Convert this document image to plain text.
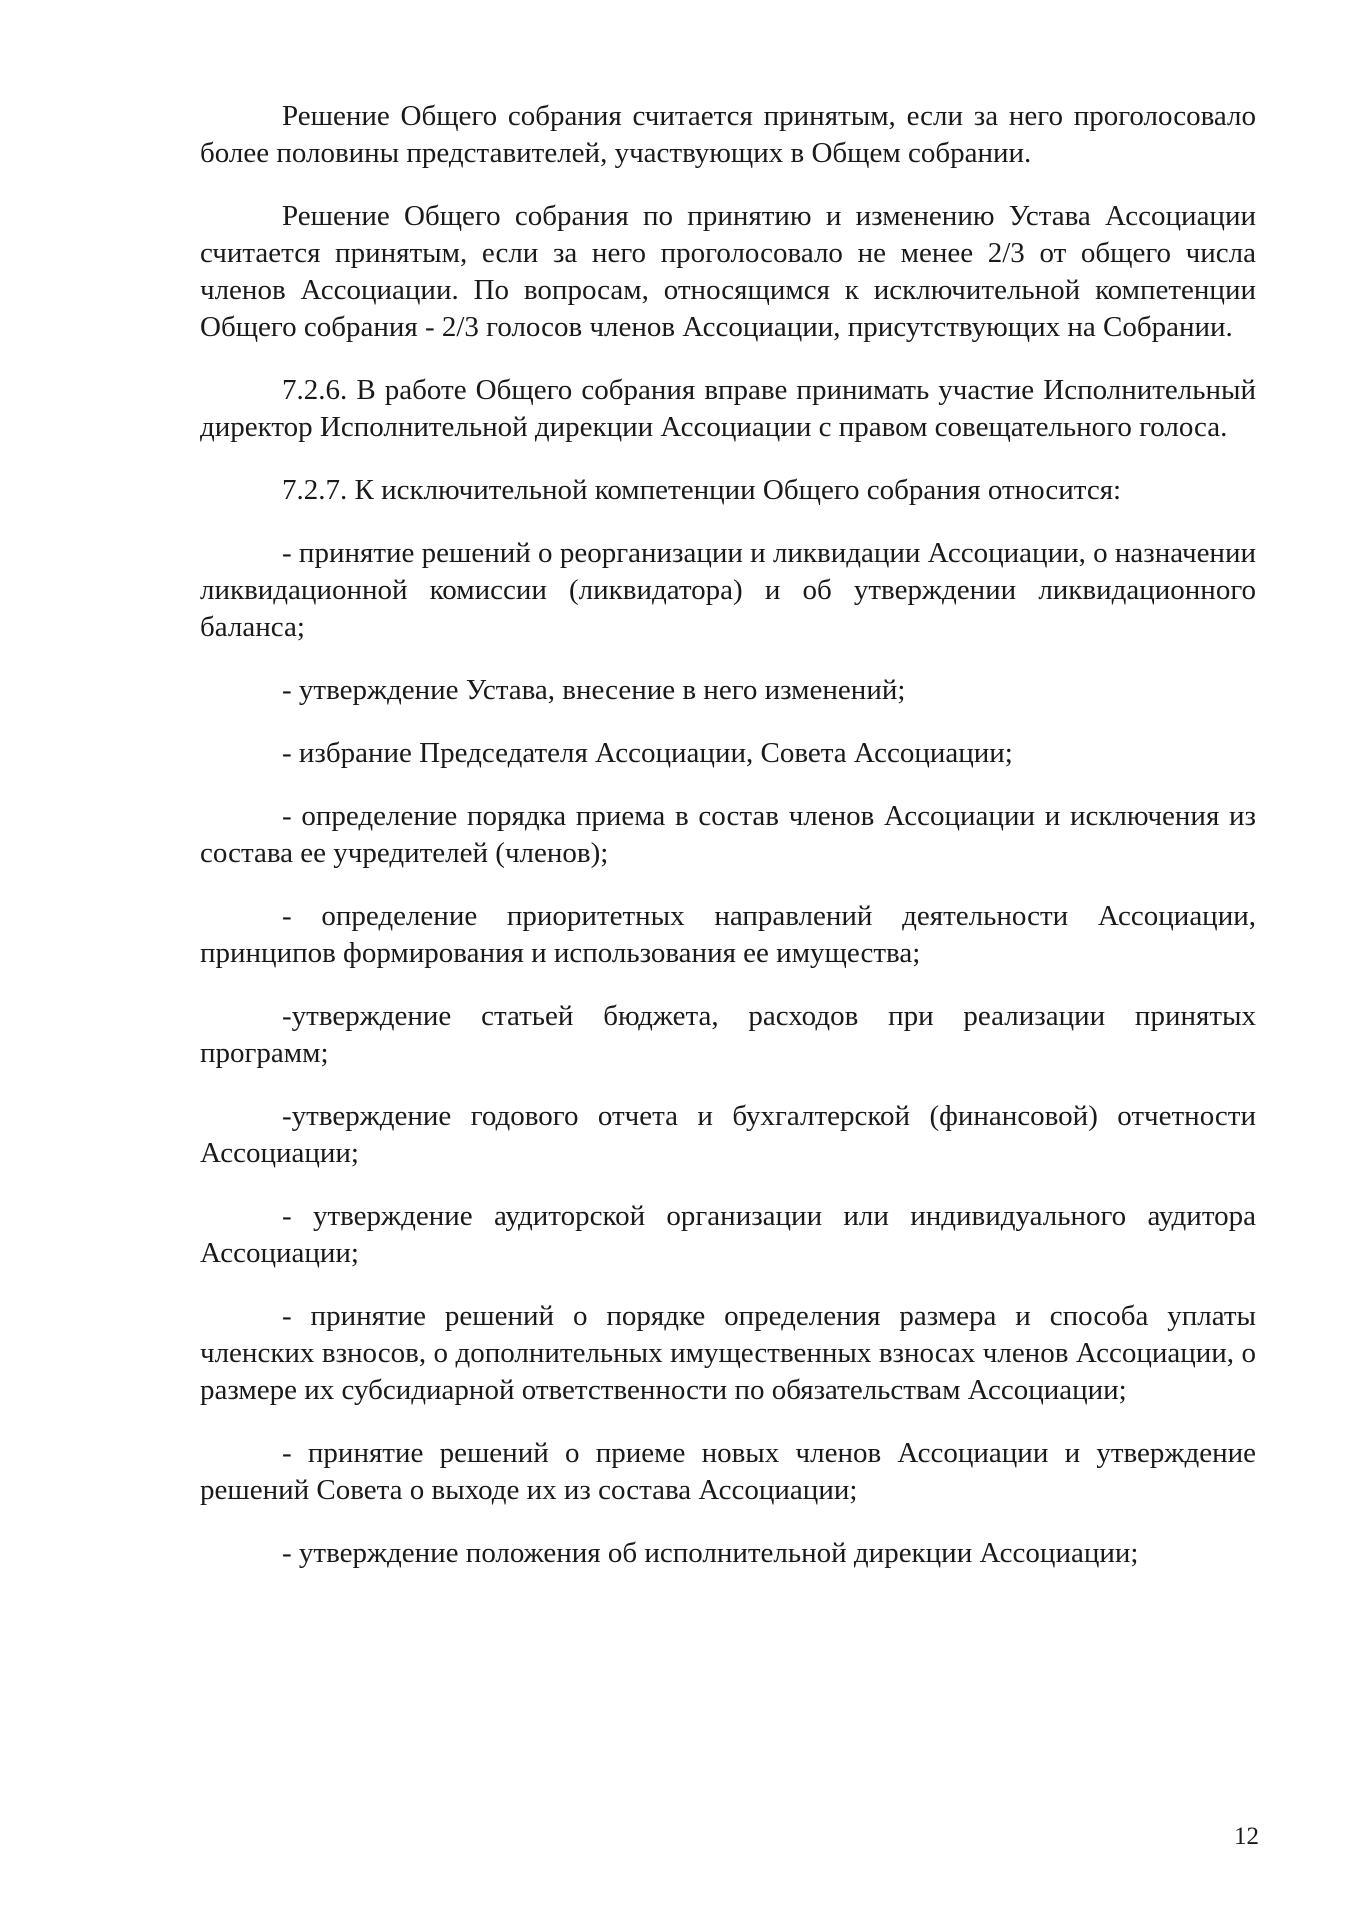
Решение Общего собрания считается принятым, если за него проголосовало более половины представителей, участвующих в Общем собрании.

Решение Общего собрания по принятию и изменению Устава Ассоциации считается принятым, если за него проголосовало не менее 2/3 от общего числа членов Ассоциации. По вопросам, относящимся к исключительной компетенции Общего собрания - 2/3 голосов членов Ассоциации, присутствующих на Собрании.

7.2.6. В работе Общего собрания вправе принимать участие Исполнительный директор Исполнительной дирекции Ассоциации с правом совещательного голоса.

7.2.7. К исключительной компетенции Общего собрания относится:

- принятие решений о реорганизации и ликвидации Ассоциации, о назначении ликвидационной комиссии (ликвидатора) и об утверждении ликвидационного баланса;

- утверждение Устава, внесение в него изменений;

- избрание Председателя Ассоциации, Совета Ассоциации;

- определение порядка приема в состав членов Ассоциации и исключения из состава ее учредителей (членов);

- определение приоритетных направлений деятельности Ассоциации, принципов формирования и использования ее имущества;

-утверждение статьей бюджета, расходов при реализации принятых программ;

-утверждение годового отчета и бухгалтерской (финансовой) отчетности Ассоциации;

- утверждение аудиторской организации или индивидуального аудитора Ассоциации;

- принятие решений о порядке определения размера и способа уплаты членских взносов, о дополнительных имущественных взносах членов Ассоциации, о размере их субсидиарной ответственности по обязательствам Ассоциации;

- принятие решений о приеме новых членов Ассоциации и утверждение решений Совета о выходе их из состава Ассоциации;

- утверждение положения об исполнительной дирекции Ассоциации;

12
